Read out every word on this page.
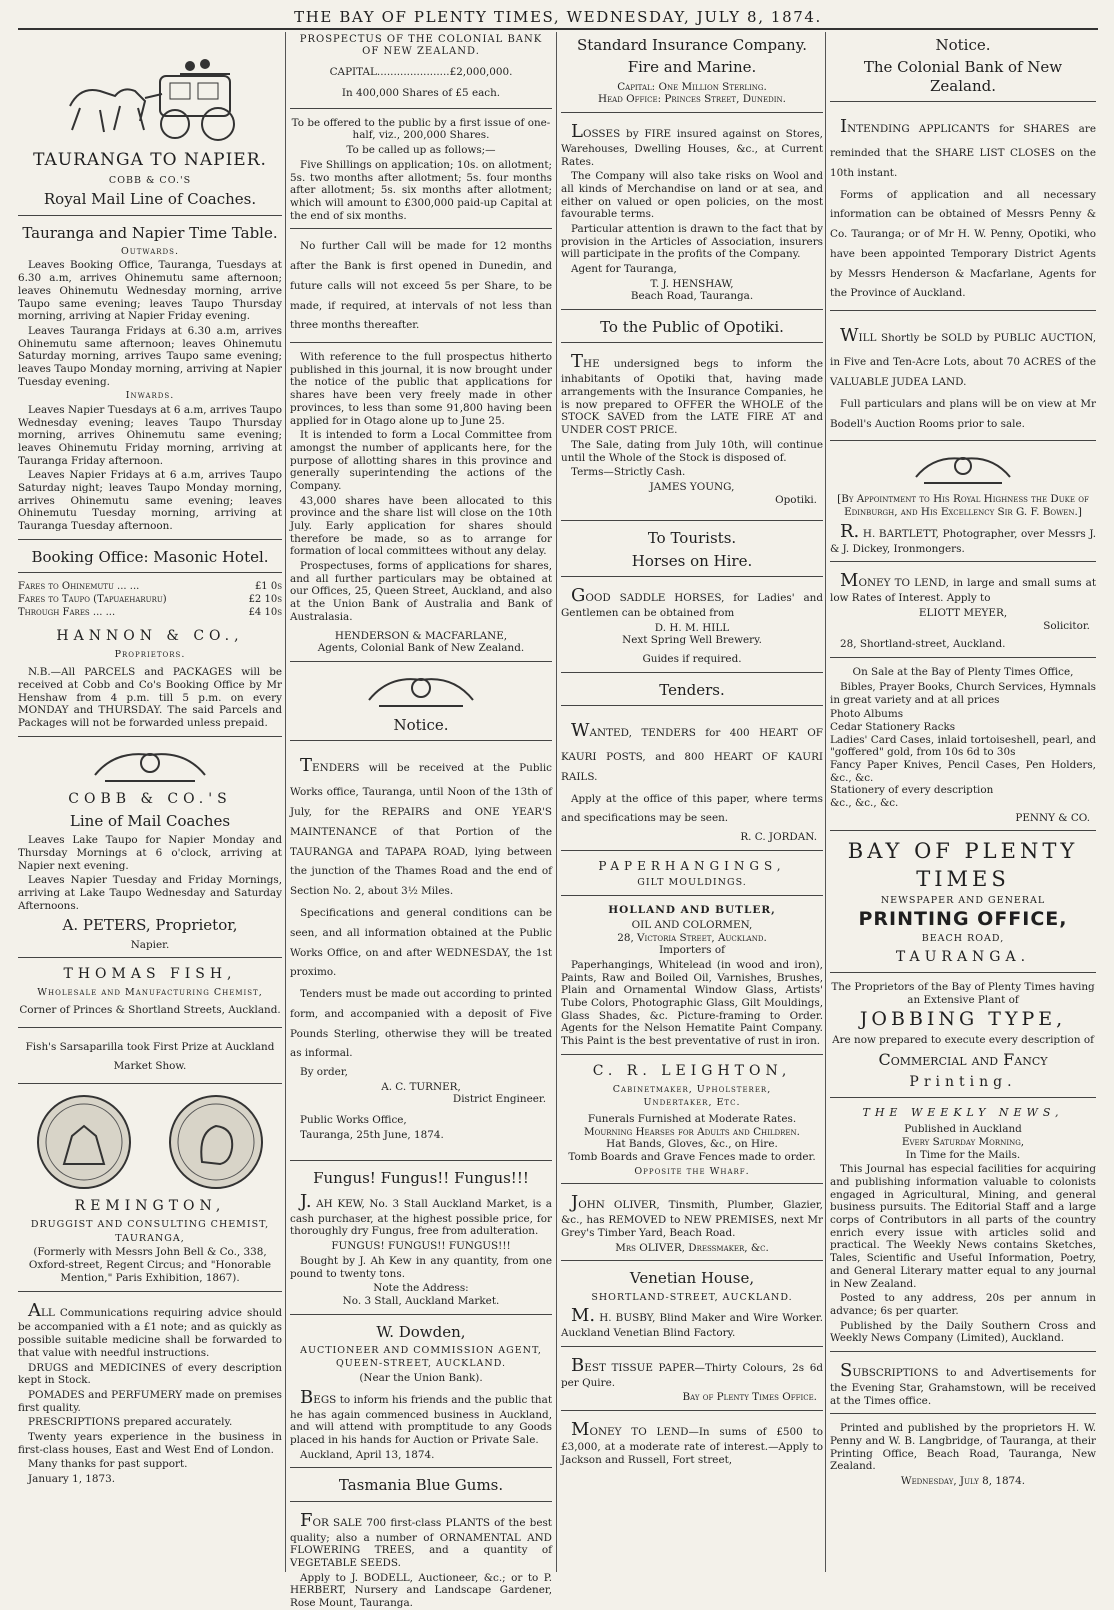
THE BAY OF PLENTY TIMES, WEDNESDAY, JULY 8, 1874.
TAURANGA TO NAPIER.
COBB & CO.'S
Royal Mail Line of Coaches.
Tauranga and Napier Time Table.
Outwards.

Leaves Booking Office, Tauranga, Tuesdays at 6.30 a.m, arrives Ohinemutu same afternoon; leaves Ohinemutu Wednesday morning, arrive Taupo same evening; leaves Taupo Thursday morning, arriving at Napier Friday evening.

Leaves Tauranga Fridays at 6.30 a.m, arrives Ohinemutu same afternoon; leaves Ohinemutu Saturday morning, arrives Taupo same evening; leaves Taupo Monday morning, arriving at Napier Tuesday evening.

Inwards.

Leaves Napier Tuesdays at 6 a.m, arrives Taupo Wednesday evening; leaves Taupo Thursday morning, arrives Ohinemutu same evening; leaves Ohinemutu Friday morning, arriving at Tauranga Friday afternoon.

Leaves Napier Fridays at 6 a.m, arrives Taupo Saturday night; leaves Taupo Monday morning, arrives Ohinemutu same evening; leaves Ohinemutu Tuesday morning, arriving at Tauranga Tuesday afternoon.

Booking Office: Masonic Hotel.
Fares to Ohinemutu ... ...	£1 0s
Fares to Taupo (Tapuaeharuru)	£2 10s
Through Fares ... ...	£4 10s
HANNON & CO.,
Proprietors.

N.B.—All PARCELS and PACKAGES will be received at Cobb and Co's Booking Office by Mr Henshaw from 4 p.m. till 5 p.m. on every MONDAY and THURSDAY. The said Parcels and Packages will not be forwarded unless prepaid.

COBB & CO.'S
Line of Mail Coaches

Leaves Lake Taupo for Napier Monday and Thursday Mornings at 6 o'clock, arriving at Napier next evening.

Leaves Napier Tuesday and Friday Mornings, arriving at Lake Taupo Wednesday and Saturday Afternoons.

A. PETERS, Proprietor,
Napier.
THOMAS FISH,
Wholesale and Manufacturing Chemist,
Corner of Princes & Shortland Streets, Auckland.
Fish's Sarsaparilla took First Prize at Auckland
Market Show.
REMINGTON,
DRUGGIST AND CONSULTING CHEMIST,
TAURANGA,

(Formerly with Messrs John Bell & Co., 338, Oxford-street, Regent Circus; and "Honorable Mention," Paris Exhibition, 1867).

ALL Communications requiring advice should be accompanied with a £1 note; and as quickly as possible suitable medicine shall be forwarded to that value with needful instructions.

DRUGS and MEDICINES of every description kept in Stock.

POMADES and PERFUMERY made on premises first quality.

PRESCRIPTIONS prepared accurately.

Twenty years experience in the business in first-class houses, East and West End of London.

Many thanks for past support.

January 1, 1873.

PROSPECTUS OF THE COLONIAL BANK OF NEW ZEALAND.
CAPITAL......................£2,000,000.
In 400,000 Shares of £5 each.

To be offered to the public by a first issue of one-half, viz., 200,000 Shares.

To be called up as follows;—

Five Shillings on application; 10s. on allotment; 5s. two months after allotment; 5s. four months after allotment; 5s. six months after allotment; which will amount to £300,000 paid-up Capital at the end of six months.

No further Call will be made for 12 months after the Bank is first opened in Dunedin, and future calls will not exceed 5s per Share, to be made, if required, at intervals of not less than three months thereafter.

With reference to the full prospectus hitherto published in this journal, it is now brought under the notice of the public that applications for shares have been very freely made in other provinces, to less than some 91,800 having been applied for in Otago alone up to June 25.

It is intended to form a Local Committee from amongst the number of applicants here, for the purpose of allotting shares in this province and generally superintending the actions of the Company.

43,000 shares have been allocated to this province and the share list will close on the 10th July. Early application for shares should therefore be made, so as to arrange for formation of local committees without any delay.

Prospectuses, forms of applications for shares, and all further particulars may be obtained at our Offices, 25, Queen Street, Auckland, and also at the Union Bank of Australia and Bank of Australasia.

HENDERSON & MACFARLANE,
Agents, Colonial Bank of New Zealand.
Notice.

TENDERS will be received at the Public Works office, Tauranga, until Noon of the 13th of July, for the REPAIRS and ONE YEAR'S MAINTENANCE of that Portion of the TAURANGA and TAPAPA ROAD, lying between the junction of the Thames Road and the end of Section No. 2, about 3½ Miles.

Specifications and general conditions can be seen, and all information obtained at the Public Works Office, on and after WEDNESDAY, the 1st proximo.

Tenders must be made out according to printed form, and accompanied with a deposit of Five Pounds Sterling, otherwise they will be treated as informal.

By order,

A. C. TURNER,
District Engineer.

Public Works Office,

Tauranga, 25th June, 1874.

Fungus! Fungus!! Fungus!!!

J. AH KEW, No. 3 Stall Auckland Market, is a cash purchaser, at the highest possible price, for thoroughly dry Fungus, free from adulteration.

FUNGUS! FUNGUS!! FUNGUS!!!

Bought by J. Ah Kew in any quantity, from one pound to twenty tons.

Note the Address:
No. 3 Stall, Auckland Market.
W. Dowden,
AUCTIONEER AND COMMISSION AGENT,
QUEEN-STREET, AUCKLAND.
(Near the Union Bank).

BEGS to inform his friends and the public that he has again commenced business in Auckland, and will attend with promptitude to any Goods placed in his hands for Auction or Private Sale.

Auckland, April 13, 1874.

Tasmania Blue Gums.

FOR SALE 700 first-class PLANTS of the best quality; also a number of ORNAMENTAL AND FLOWERING TREES, and a quantity of VEGETABLE SEEDS.

Apply to J. BODELL, Auctioneer, &c.; or to P. HERBERT, Nursery and Landscape Gardener, Rose Mount, Tauranga.

Standard Insurance Company.
Fire and Marine.
Capital: One Million Sterling.
Head Office: Princes Street, Dunedin.

LOSSES by FIRE insured against on Stores, Warehouses, Dwelling Houses, &c., at Current Rates.

The Company will also take risks on Wool and all kinds of Merchandise on land or at sea, and either on valued or open policies, on the most favourable terms.

Particular attention is drawn to the fact that by provision in the Articles of Association, insurers will participate in the profits of the Company.

Agent for Tauranga,

T. J. HENSHAW,
Beach Road, Tauranga.
To the Public of Opotiki.

THE undersigned begs to inform the inhabitants of Opotiki that, having made arrangements with the Insurance Companies, he is now prepared to OFFER the WHOLE of the STOCK SAVED from the LATE FIRE AT and UNDER COST PRICE.

The Sale, dating from July 10th, will continue until the Whole of the Stock is disposed of.

Terms—Strictly Cash.

JAMES YOUNG,
Opotiki.
To Tourists.
Horses on Hire.

GOOD SADDLE HORSES, for Ladies' and Gentlemen can be obtained from

D. H. M. HILL
Next Spring Well Brewery.
Guides if required.
Tenders.

WANTED, TENDERS for 400 HEART OF KAURI POSTS, and 800 HEART OF KAURI RAILS.

Apply at the office of this paper, where terms and specifications may be seen.

R. C. JORDAN.
PAPERHANGINGS,
GILT MOULDINGS.
HOLLAND AND BUTLER,
OIL AND COLORMEN,
28, Victoria Street, Auckland.
Importers of

Paperhangings, Whitelead (in wood and iron), Paints, Raw and Boiled Oil, Varnishes, Brushes, Plain and Ornamental Window Glass, Artists' Tube Colors, Photographic Glass, Gilt Mouldings, Glass Shades, &c. Picture-framing to Order. Agents for the Nelson Hematite Paint Company. This Paint is the best preventative of rust in iron.

C. R. LEIGHTON,
Cabinetmaker, Upholsterer,
Undertaker, Etc.
Funerals Furnished at Moderate Rates.
Mourning Hearses for Adults and Children.
Hat Bands, Gloves, &c., on Hire.
Tomb Boards and Grave Fences made to order.
Opposite the Wharf.

JOHN OLIVER, Tinsmith, Plumber, Glazier, &c., has REMOVED to NEW PREMISES, next Mr Grey's Timber Yard, Beach Road.

Mrs OLIVER, Dressmaker, &c.
Venetian House,
SHORTLAND-STREET, AUCKLAND.

M. H. BUSBY, Blind Maker and Wire Worker. Auckland Venetian Blind Factory.

BEST TISSUE PAPER—Thirty Colours, 2s 6d per Quire.

Bay of Plenty Times Office.

MONEY TO LEND—In sums of £500 to £3,000, at a moderate rate of interest.—Apply to Jackson and Russell, Fort street,

Notice.
The Colonial Bank of New Zealand.

INTENDING APPLICANTS for SHARES are reminded that the SHARE LIST CLOSES on the 10th instant.

Forms of application and all necessary information can be obtained of Messrs Penny & Co. Tauranga; or of Mr H. W. Penny, Opotiki, who have been appointed Temporary District Agents by Messrs Henderson & Macfarlane, Agents for the Province of Auckland.

WILL Shortly be SOLD by PUBLIC AUCTION, in Five and Ten-Acre Lots, about 70 ACRES of the VALUABLE JUDEA LAND.

Full particulars and plans will be on view at Mr Bodell's Auction Rooms prior to sale.

[By Appointment to His Royal Highness the Duke of Edinburgh, and His Excellency Sir G. F. Bowen.]

R. H. BARTLETT, Photographer, over Messrs J. & J. Dickey, Ironmongers.

MONEY TO LEND, in large and small sums at low Rates of Interest. Apply to

ELIOTT MEYER,
Solicitor.

28, Shortland-street, Auckland.

On Sale at the Bay of Plenty Times Office,

Bibles, Prayer Books, Church Services, Hymnals in great variety and at all prices

Photo Albums
Cedar Stationery Racks
Ladies' Card Cases, inlaid tortoiseshell, pearl, and "goffered" gold, from 10s 6d to 30s
Fancy Paper Knives, Pencil Cases, Pen Holders, &c., &c.
Stationery of every description
&c., &c., &c.

PENNY & CO.
BAY OF PLENTY
TIMES
NEWSPAPER AND GENERAL
PRINTING OFFICE,
BEACH ROAD,
TAURANGA.

The Proprietors of the Bay of Plenty Times having an Extensive Plant of

JOBBING TYPE,

Are now prepared to execute every description of

Commercial and Fancy
Printing.
THE WEEKLY NEWS,
Published in Auckland
Every Saturday Morning,
In Time for the Mails.

This Journal has especial facilities for acquiring and publishing information valuable to colonists engaged in Agricultural, Mining, and general business pursuits. The Editorial Staff and a large corps of Contributors in all parts of the country enrich every issue with articles solid and practical. The Weekly News contains Sketches, Tales, Scientific and Useful Information, Poetry, and General Literary matter equal to any journal in New Zealand.

Posted to any address, 20s per annum in advance; 6s per quarter.

Published by the Daily Southern Cross and Weekly News Company (Limited), Auckland.

SUBSCRIPTIONS to and Advertisements for the Evening Star, Grahamstown, will be received at the Times office.

Printed and published by the proprietors H. W. Penny and W. B. Langbridge, of Tauranga, at their Printing Office, Beach Road, Tauranga, New Zealand.

Wednesday, July 8, 1874.
